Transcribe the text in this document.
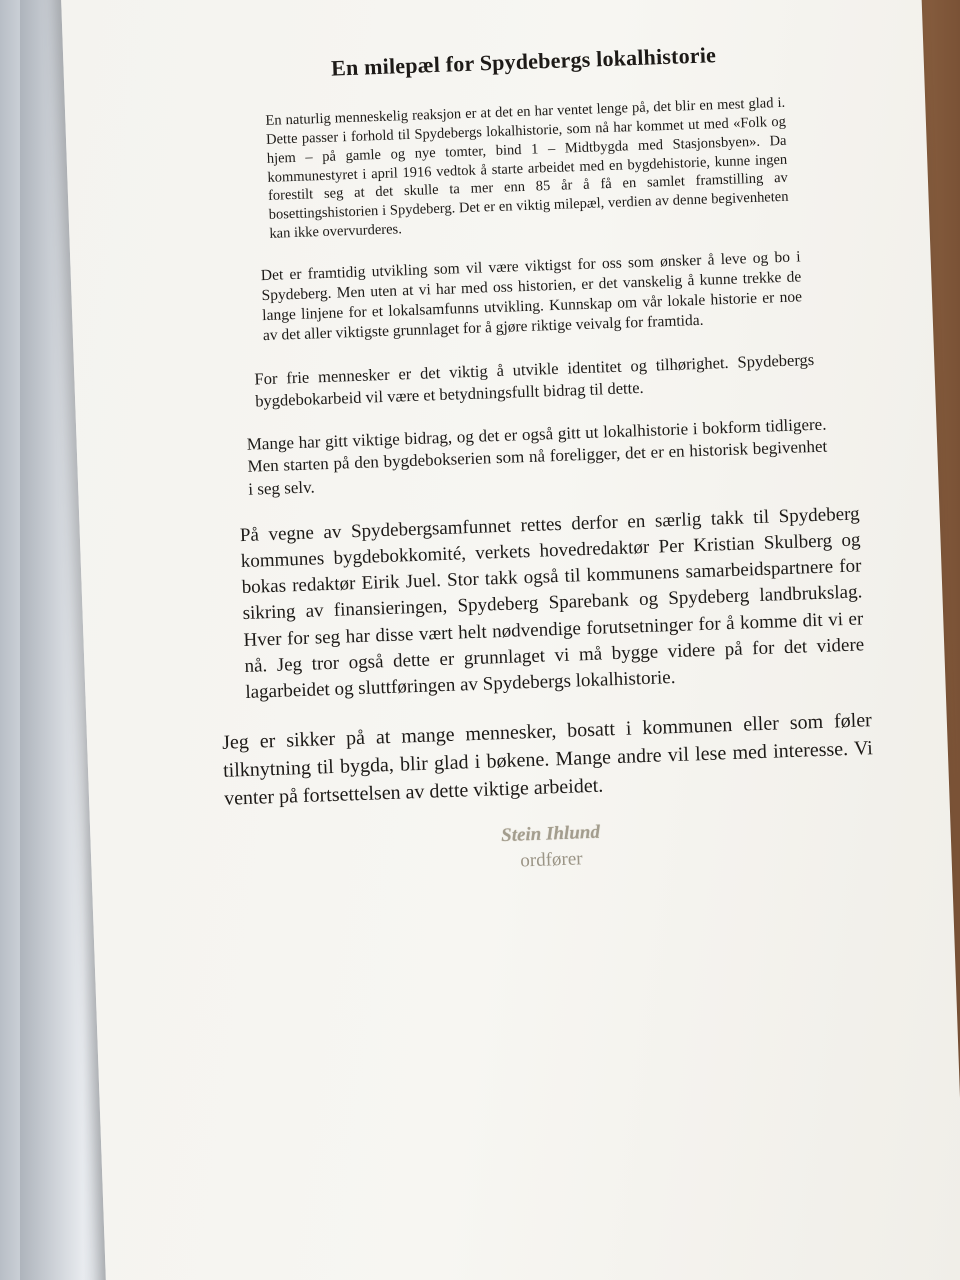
En milepæl for Spydebergs lokalhistorie

En naturlig menneskelig reaksjon er at det en har ventet lenge på, det blir en mest glad i. Dette passer i forhold til Spydebergs lokalhistorie, som nå har kommet ut med «Folk og hjem – på gamle og nye tomter, bind 1 – Midtbygda med Stasjonsbyen». Da kommunestyret i april 1916 vedtok å starte arbeidet med en bygdehistorie, kunne ingen forestilt seg at det skulle ta mer enn 85 år å få en samlet framstilling av bosettingshistorien i Spydeberg. Det er en viktig milepæl, verdien av denne begivenheten kan ikke overvurderes.

Det er framtidig utvikling som vil være viktigst for oss som ønsker å leve og bo i Spydeberg. Men uten at vi har med oss historien, er det vanskelig å kunne trekke de lange linjene for et lokalsamfunns utvikling. Kunnskap om vår lokale historie er noe av det aller viktigste grunnlaget for å gjøre riktige veivalg for framtida.

For frie mennesker er det viktig å utvikle identitet og tilhørighet. Spydebergs bygdebokarbeid vil være et betydningsfullt bidrag til dette.

Mange har gitt viktige bidrag, og det er også gitt ut lokalhistorie i bokform tidligere. Men starten på den bygdebokserien som nå foreligger, det er en historisk begivenhet i seg selv.

På vegne av Spydebergsamfunnet rettes derfor en særlig takk til Spydeberg kommunes bygdebokkomité, verkets hovedredaktør Per Kristian Skulberg og bokas redaktør Eirik Juel. Stor takk også til kommunens samarbeidspartnere for sikring av finansieringen, Spydeberg Sparebank og Spydeberg landbrukslag. Hver for seg har disse vært helt nødvendige forutsetninger for å komme dit vi er nå. Jeg tror også dette er grunnlaget vi må bygge videre på for det videre lagarbeidet og sluttføringen av Spydebergs lokalhistorie.

Jeg er sikker på at mange mennesker, bosatt i kommunen eller som føler tilknytning til bygda, blir glad i bøkene. Mange andre vil lese med interesse. Vi venter på fortsettelsen av dette viktige arbeidet.

Stein Ihlund
ordfører
